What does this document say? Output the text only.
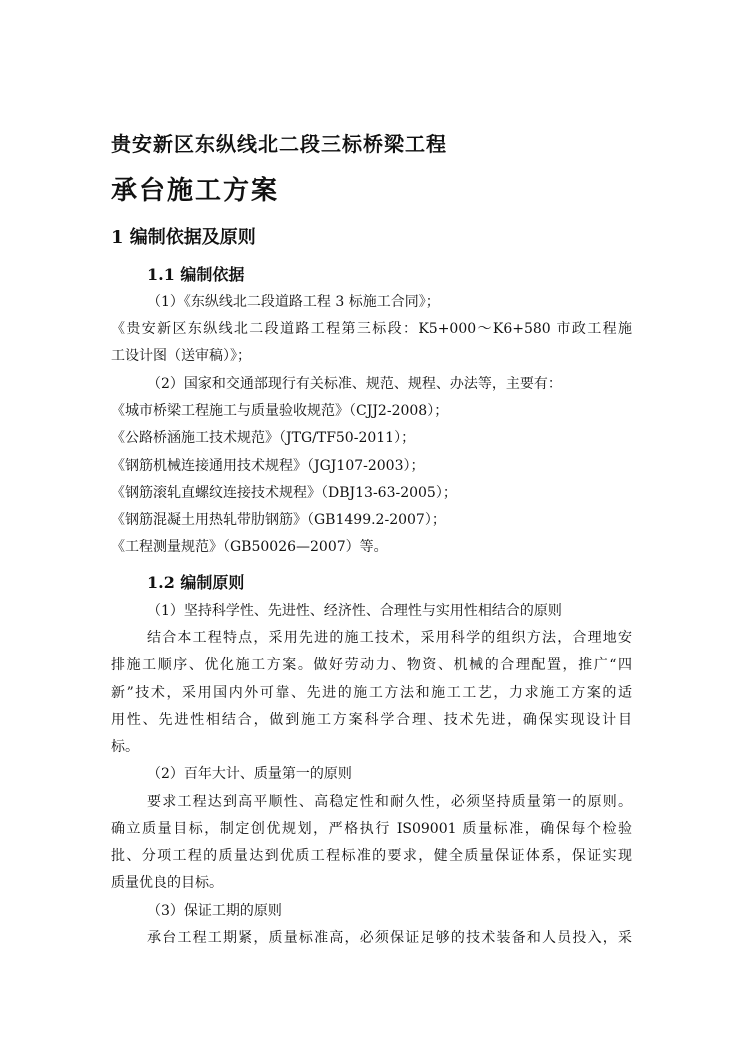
贵安新区东纵线北二段三标桥梁工程
承台施工方案
1 编制依据及原则
1.1 编制依据
（1）《东纵线北二段道路工程 3 标施工合同》；
《贵安新区东纵线北二段道路工程第三标段：K5+000～K6+580 市政工程施
工设计图（送审稿）》；
（2）国家和交通部现行有关标准、规范、规程、办法等，主要有：
《城市桥梁工程施工与质量验收规范》（CJJ2-2008）；
《公路桥涵施工技术规范》（JTG/TF50-2011）；
《钢筋机械连接通用技术规程》（JGJ107-2003）；
《钢筋滚轧直螺纹连接技术规程》（DBJ13-63-2005）；
《钢筋混凝土用热轧带肋钢筋》（GB1499.2-2007）；
《工程测量规范》（GB50026—2007）等。
1.2 编制原则
（1）坚持科学性、先进性、经济性、合理性与实用性相结合的原则
结合本工程特点，采用先进的施工技术，采用科学的组织方法，合理地安
排施工顺序、优化施工方案。做好劳动力、物资、机械的合理配置，推广“四
新”技术，采用国内外可靠、先进的施工方法和施工工艺，力求施工方案的适
用性、先进性相结合，做到施工方案科学合理、技术先进，确保实现设计目
标。
（2）百年大计、质量第一的原则
要求工程达到高平顺性、高稳定性和耐久性，必须坚持质量第一的原则。
确立质量目标，制定创优规划，严格执行 IS09001 质量标准，确保每个检验
批、分项工程的质量达到优质工程标准的要求，健全质量保证体系，保证实现
质量优良的目标。
（3）保证工期的原则
承台工程工期紧，质量标准高，必须保证足够的技术装备和人员投入，采
